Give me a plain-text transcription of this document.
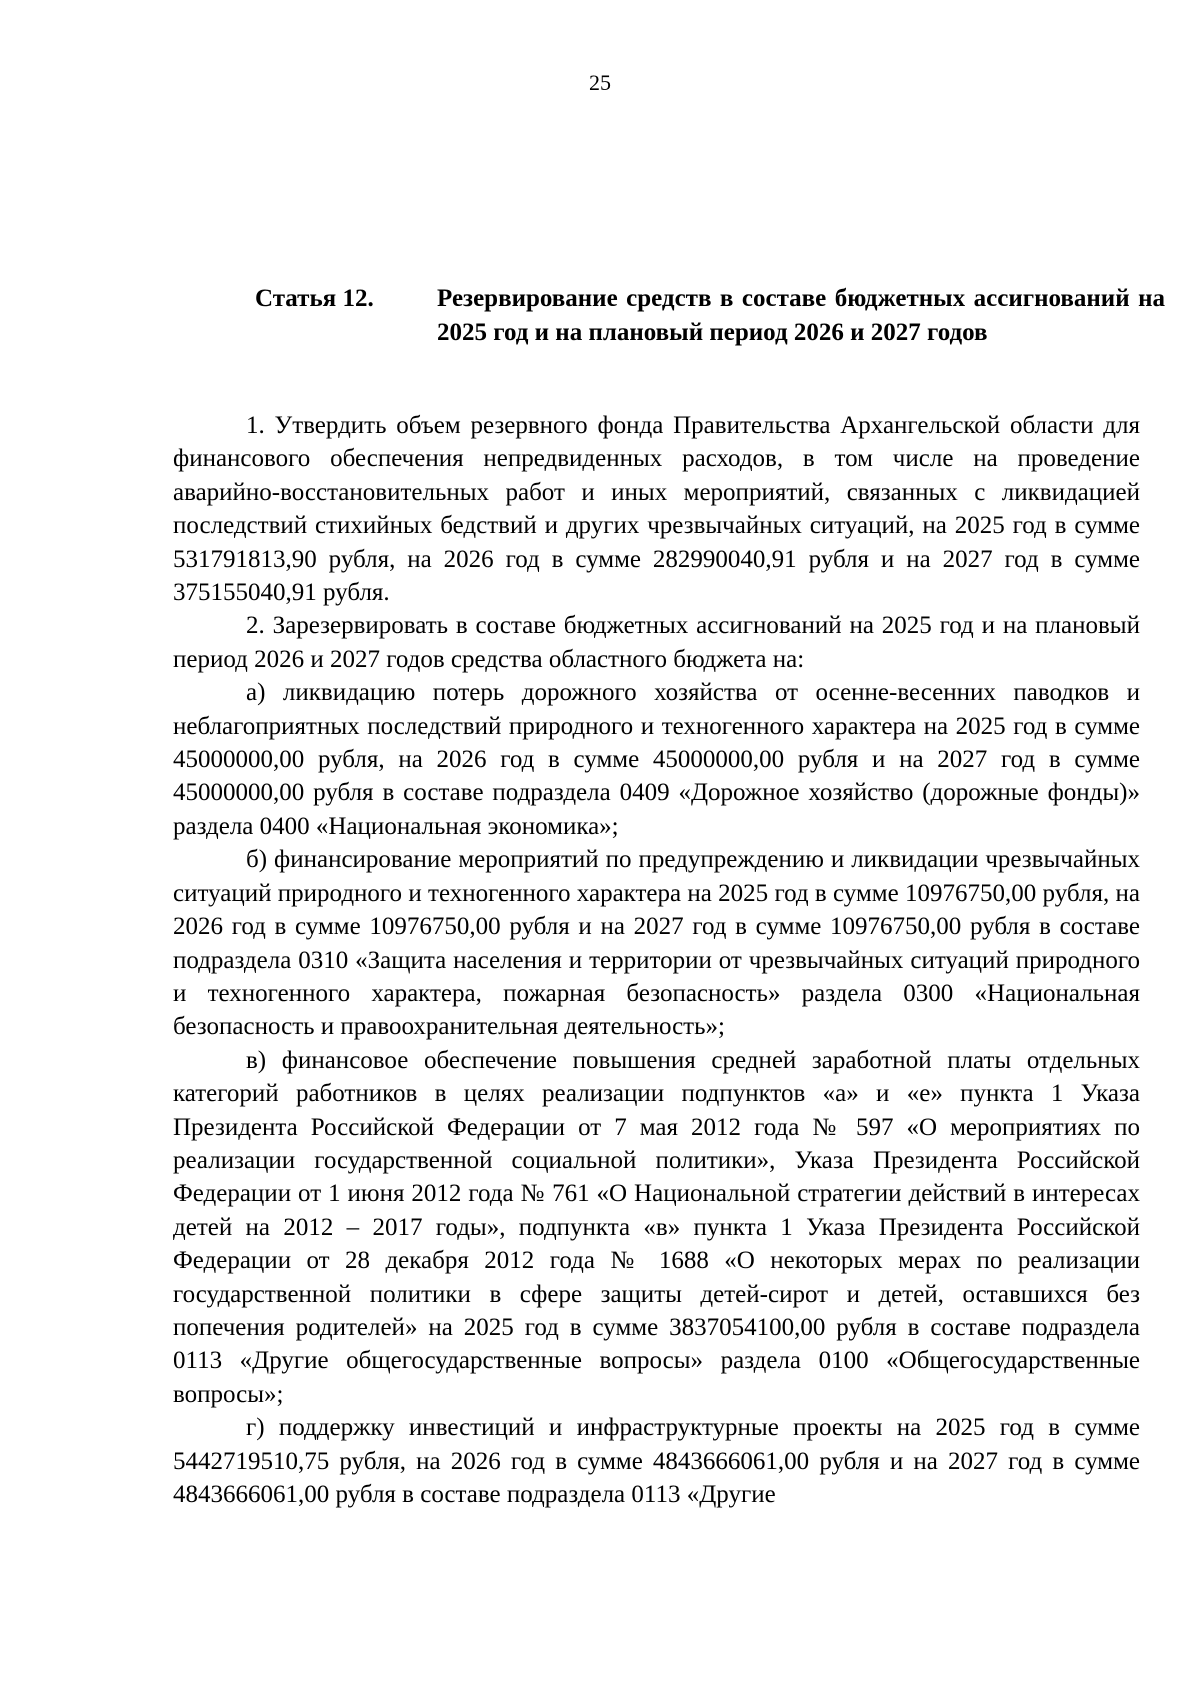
25
Статья 12.	Резервирование средств в составе бюджетных ассигнований на 2025 год и на плановый период 2026 и 2027 годов

1. Утвердить объем резервного фонда Правительства Архангельской области для финансового обеспечения непредвиденных расходов, в том числе на проведение аварийно-восстановительных работ и иных мероприятий, связанных с ликвидацией последствий стихийных бедствий и других чрезвычайных ситуаций, на 2025 год в сумме 531791813,90 рубля, на 2026 год в сумме 282990040,91 рубля и на 2027 год в сумме 375155040,91 рубля.

2. Зарезервировать в составе бюджетных ассигнований на 2025 год и на плановый период 2026 и 2027 годов средства областного бюджета на:

а) ликвидацию потерь дорожного хозяйства от осенне-весенних паводков и неблагоприятных последствий природного и техногенного характера на 2025 год в сумме 45000000,00 рубля, на 2026 год в сумме 45000000,00 рубля и на 2027 год в сумме 45000000,00 рубля в составе подраздела 0409 «Дорожное хозяйство (дорожные фонды)» раздела 0400 «Национальная экономика»;

б) финансирование мероприятий по предупреждению и ликвидации чрезвычайных ситуаций природного и техногенного характера на 2025 год в сумме 10976750,00 рубля, на 2026 год в сумме 10976750,00 рубля и на 2027 год в сумме 10976750,00 рубля в составе подраздела 0310 «Защита населения и территории от чрезвычайных ситуаций природного и техногенного характера, пожарная безопасность» раздела 0300 «Национальная безопасность и правоохранительная деятельность»;

в) финансовое обеспечение повышения средней заработной платы отдельных категорий работников в целях реализации подпунктов «а» и «е» пункта 1 Указа Президента Российской Федерации от 7 мая 2012 года № 597 «О мероприятиях по реализации государственной социальной политики», Указа Президента Российской Федерации от 1 июня 2012 года № 761 «О Национальной стратегии действий в интересах детей на 2012 – 2017 годы», подпункта «в» пункта 1 Указа Президента Российской Федерации от 28 декабря 2012 года № 1688 «О некоторых мерах по реализации государственной политики в сфере защиты детей-сирот и детей, оставшихся без попечения родителей» на 2025 год в сумме 3837054100,00 рубля в составе подраздела 0113 «Другие общегосударственные вопросы» раздела 0100 «Общегосударственные вопросы»;

г) поддержку инвестиций и инфраструктурные проекты на 2025 год в сумме 5442719510,75 рубля, на 2026 год в сумме 4843666061,00 рубля и на 2027 год в сумме 4843666061,00 рубля в составе подраздела 0113 «Другие
